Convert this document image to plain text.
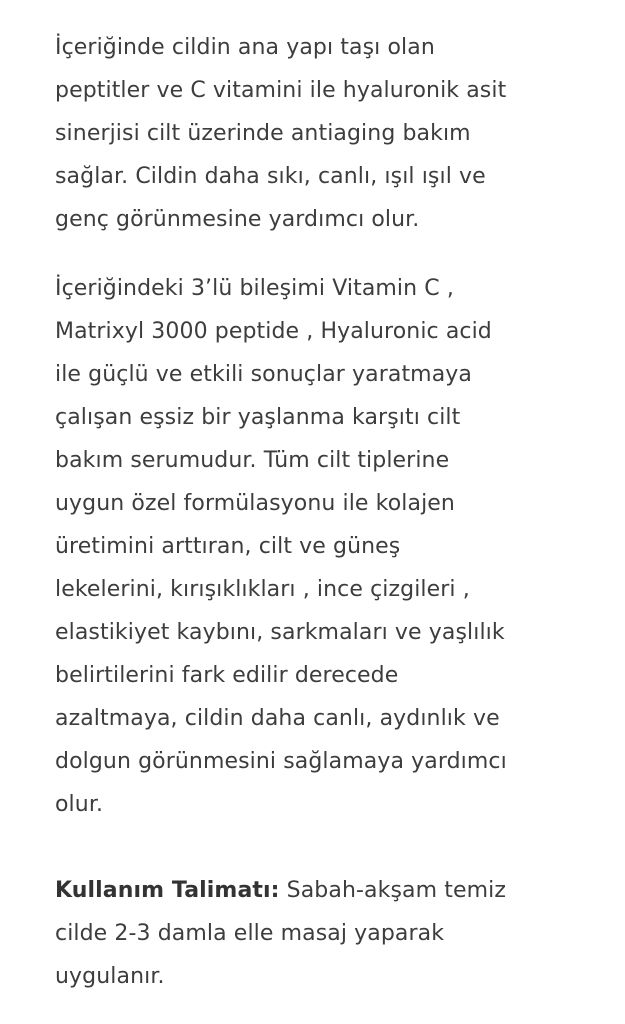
İçeriğinde cildin ana yapı taşı olan
peptitler ve C vitamini ile hyaluronik asit
sinerjisi cilt üzerinde antiaging bakım
sağlar. Cildin daha sıkı, canlı, ışıl ışıl ve
genç görünmesine yardımcı olur.
İçeriğindeki 3’lü bileşimi Vitamin C ,
Matrixyl 3000 peptide , Hyaluronic acid
ile güçlü ve etkili sonuçlar yaratmaya
çalışan eşsiz bir yaşlanma karşıtı cilt
bakım serumudur. Tüm cilt tiplerine
uygun özel formülasyonu ile kolajen
üretimini arttıran, cilt ve güneş
lekelerini, kırışıklıkları , ince çizgileri ,
elastikiyet kaybını, sarkmaları ve yaşlılık
belirtilerini fark edilir derecede
azaltmaya, cildin daha canlı, aydınlık ve
dolgun görünmesini sağlamaya yardımcı
olur.
Kullanım Talimatı: Sabah-akşam temiz
cilde 2-3 damla elle masaj yaparak
uygulanır.
